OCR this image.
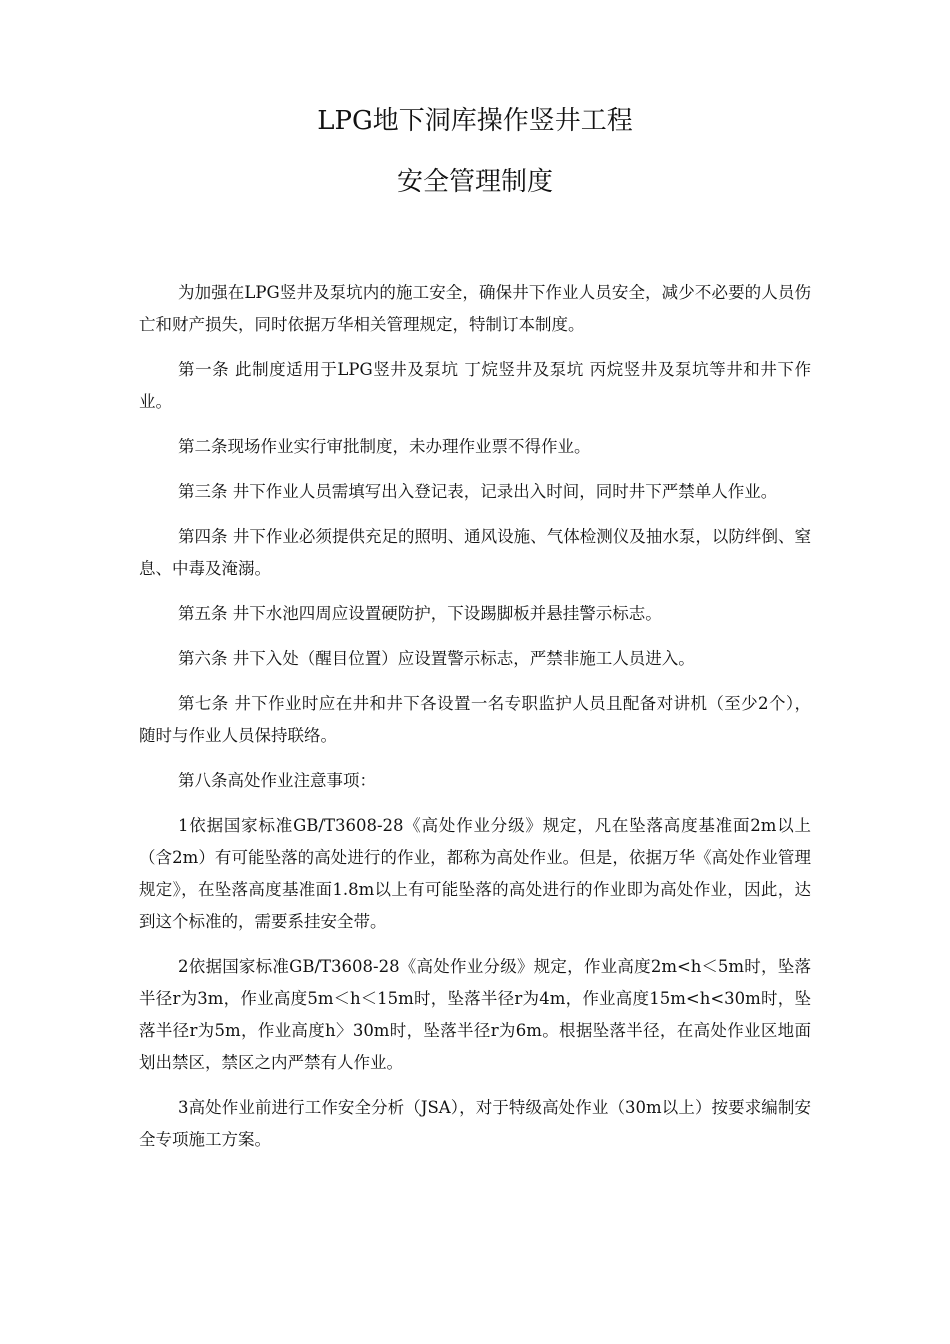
LPG地下洞库操作竖井工程
安全管理制度

为加强在LPG竖井及泵坑内的施工安全，确保井下作业人员安全，减少不必要的人员伤亡和财产损失，同时依据万华相关管理规定，特制订本制度。

第一条 此制度适用于LPG竖井及泵坑 丁烷竖井及泵坑 丙烷竖井及泵坑等井和井下作业。

第二条现场作业实行审批制度，未办理作业票不得作业。

第三条 井下作业人员需填写出入登记表，记录出入时间，同时井下严禁单人作业。

第四条 井下作业必须提供充足的照明、通风设施、气体检测仪及抽水泵，以防绊倒、窒息、中毒及淹溺。

第五条 井下水池四周应设置硬防护，下设踢脚板并悬挂警示标志。

第六条 井下入处（醒目位置）应设置警示标志，严禁非施工人员进入。

第七条 井下作业时应在井和井下各设置一名专职监护人员且配备对讲机（至少2个），随时与作业人员保持联络。

第八条高处作业注意事项：

1依据国家标准GB/T3608-28《高处作业分级》规定，凡在坠落高度基准面2m以上（含2m）有可能坠落的高处进行的作业，都称为高处作业。但是，依据万华《高处作业管理规定》，在坠落高度基准面1.8m以上有可能坠落的高处进行的作业即为高处作业，因此，达到这个标准的，需要系挂安全带。

2依据国家标准GB/T3608-28《高处作业分级》规定，作业高度2m<h＜5m时，坠落半径r为3m，作业高度5m＜h＜15m时，坠落半径r为4m，作业高度15m<h<30m时，坠落半径r为5m，作业高度h〉30m时，坠落半径r为6m。根据坠落半径，在高处作业区地面划出禁区，禁区之内严禁有人作业。

3高处作业前进行工作安全分析（JSA），对于特级高处作业（30m以上）按要求编制安全专项施工方案。
